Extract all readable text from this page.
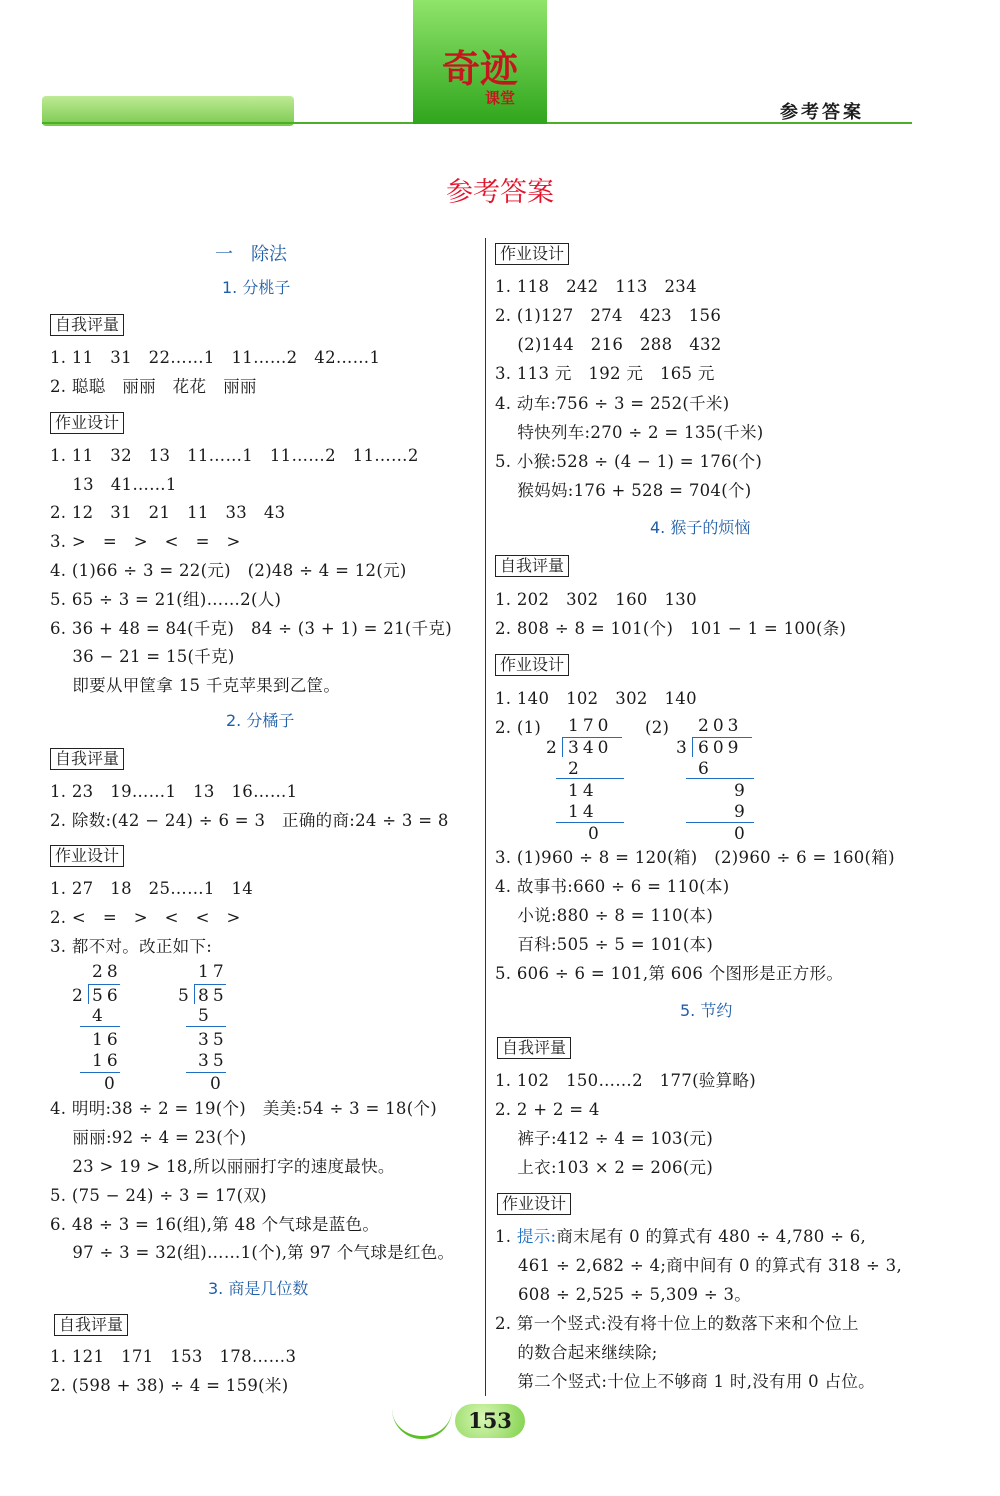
奇迹
课堂
参考答案
参考答案
一　除法
1. 分桃子
自我评量
1. 11　31　22……1　11……2　42……1
2. 聪聪　丽丽　花花　丽丽
作业设计
1. 11　32　13　11……1　11……2　11……2
　 13　41……1
2. 12　31　21　11　33　43
3. >　=　>　<　=　>
4. (1)66 ÷ 3 = 22(元)　(2)48 ÷ 4 = 12(元)
5. 65 ÷ 3 = 21(组)……2(人)
6. 36 + 48 = 84(千克)　84 ÷ (3 + 1) = 21(千克)
　 36 − 21 = 15(千克)
　 即要从甲筐拿 15 千克苹果到乙筐。
2. 分橘子
自我评量
1. 23　19……1　13　16……1
2. 除数:(42 − 24) ÷ 6 = 3　正确的商:24 ÷ 3 = 8
作业设计
1. 27　18　25……1　14
2. <　=　>　<　<　>
3. 都不对。改正如下:
28
2 56
4
16
16
0
17
5 85
5
35
35
0
4. 明明:38 ÷ 2 = 19(个)　美美:54 ÷ 3 = 18(个)
　 丽丽:92 ÷ 4 = 23(个)
　 23 > 19 > 18,所以丽丽打字的速度最快。
5. (75 − 24) ÷ 3 = 17(双)
6. 48 ÷ 3 = 16(组),第 48 个气球是蓝色。
　 97 ÷ 3 = 32(组)……1(个),第 97 个气球是红色。
3. 商是几位数
自我评量
1. 121　171　153　178……3
2. (598 + 38) ÷ 4 = 159(米)
作业设计
1. 118　242　113　234
2. (1)127　274　423　156
　 (2)144　216　288　432
3. 113 元　192 元　165 元
4. 动车:756 ÷ 3 = 252(千米)
　 特快列车:270 ÷ 2 = 135(千米)
5. 小猴:528 ÷ (4 − 1) = 176(个)
　 猴妈妈:176 + 528 = 704(个)
4. 猴子的烦恼
自我评量
1. 202　302　160　130
2. 808 ÷ 8 = 101(个)　101 − 1 = 100(条)
作业设计
1. 140　102　302　140
2. (1)	(2)
170
2 340
2
14
14
0
203
3 609
6
9
9
0
3. (1)960 ÷ 8 = 120(箱)　(2)960 ÷ 6 = 160(箱)
4. 故事书:660 ÷ 6 = 110(本)
　 小说:880 ÷ 8 = 110(本)
　 百科:505 ÷ 5 = 101(本)
5. 606 ÷ 6 = 101,第 606 个图形是正方形。
5. 节约
自我评量
1. 102　150……2　177(验算略)
2. 2 + 2 = 4
　 裤子:412 ÷ 4 = 103(元)
　 上衣:103 × 2 = 206(元)
作业设计
1. 提示:商末尾有 0 的算式有 480 ÷ 4,780 ÷ 6,
461 ÷ 2,682 ÷ 4;商中间有 0 的算式有 318 ÷ 3,
608 ÷ 2,525 ÷ 5,309 ÷ 3。
2. 第一个竖式:没有将十位上的数落下来和个位上
　 的数合起来继续除;
　 第二个竖式:十位上不够商 1 时,没有用 0 占位。
153
